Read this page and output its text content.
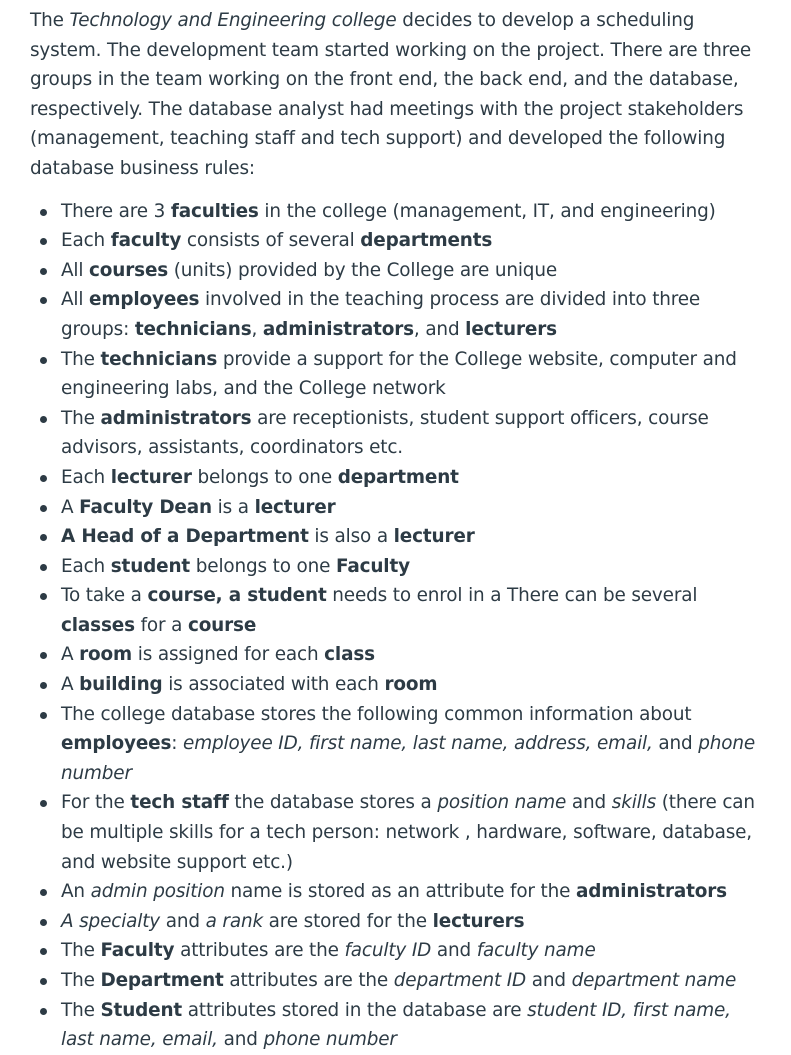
The Technology and Engineering college decides to develop a scheduling system. The development team started working on the project. There are three groups in the team working on the front end, the back end, and the database, respectively. The database analyst had meetings with the project stakeholders (management, teaching staff and tech support) and developed the following database business rules:

There are 3 faculties in the college (management, IT, and engineering)
Each faculty consists of several departments
All courses (units) provided by the College are unique
All employees involved in the teaching process are divided into three groups: technicians, administrators, and lecturers
The technicians provide a support for the College website, computer and engineering labs, and the College network
The administrators are receptionists, student support officers, course advisors, assistants, coordinators etc.
Each lecturer belongs to one department
A Faculty Dean is a lecturer
A Head of a Department is also a lecturer
Each student belongs to one Faculty
To take a course, a student needs to enrol in a There can be several classes for a course
A room is assigned for each class
A building is associated with each room
The college database stores the following common information about employees: employee ID, first name, last name, address, email, and phone number
For the tech staff the database stores a position name and skills (there can be multiple skills for a tech person: network , hardware, software, database, and website support etc.)
An admin position name is stored as an attribute for the administrators
A specialty and a rank are stored for the lecturers
The Faculty attributes are the faculty ID and faculty name
The Department attributes are the department ID and department name
The Student attributes stored in the database are student ID, first name, last name, email, and phone number
